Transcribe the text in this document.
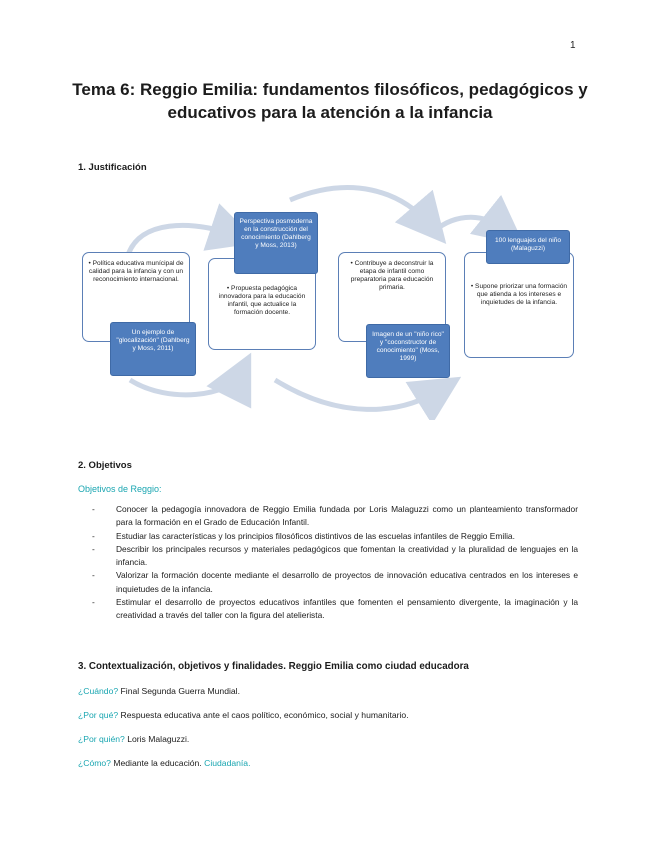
1
Tema 6: Reggio Emilia: fundamentos filosóficos, pedagógicos y educativos para la atención a la infancia
1. Justificación
• Política educativa munícipal de calidad para la infancia y con un reconocimiento internacional.
Un ejemplo de "glocalización" (Dahlberg y Moss, 2011)
• Propuesta pedagógica innovadora para la educación infantil, que actualice la formación docente.
Perspectiva posmoderna en la construcción del conocimiento (Dahlberg y Moss, 2013)
• Contribuye a deconstruir la etapa de infantil como preparatoria para educación primaria.
Imagen de un "niño rico" y "coconstructor de conocimiento" (Moss, 1999)
• Supone priorizar una formación que atienda a los intereses e inquietudes de la infancia.
100 lenguajes del niño (Malaguzzi)
2. Objetivos
Objetivos de Reggio:
- Conocer la pedagogía innovadora de Reggio Emilia fundada por Loris Malaguzzi como un planteamiento transformador para la formación en el Grado de Educación Infantil.
- Estudiar las características y los principios filosóficos distintivos de las escuelas infantiles de Reggio Emilia.
- Describir los principales recursos y materiales pedagógicos que fomentan la creatividad y la pluralidad de lenguajes en la infancia.
- Valorizar la formación docente mediante el desarrollo de proyectos de innovación educativa centrados en los intereses e inquietudes de la infancia.
- Estimular el desarrollo de proyectos educativos infantiles que fomenten el pensamiento divergente, la imaginación y la creatividad a través del taller con la figura del atelierista.
3. Contextualización, objetivos y finalidades. Reggio Emilia como ciudad educadora
¿Cuándo? Final Segunda Guerra Mundial.
¿Por qué? Respuesta educativa ante el caos político, económico, social y humanitario.
¿Por quién? Loris Malaguzzi.
¿Cómo? Mediante la educación. Ciudadanía.
